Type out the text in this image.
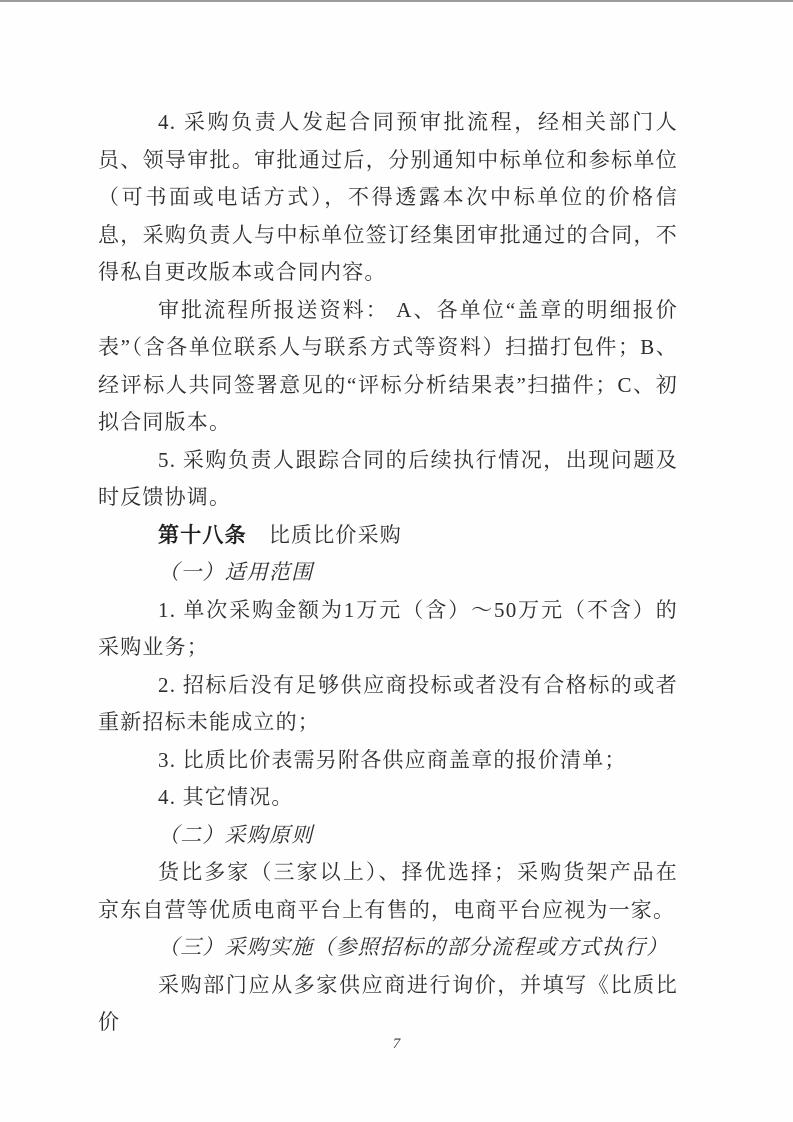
4. 采购负责人发起合同预审批流程，经相关部门人员、领导审批。审批通过后，分别通知中标单位和参标单位（可书面或电话方式），不得透露本次中标单位的价格信息，采购负责人与中标单位签订经集团审批通过的合同，不得私自更改版本或合同内容。

审批流程所报送资料： A、各单位“盖章的明细报价表”（含各单位联系人与联系方式等资料）扫描打包件；B、经评标人共同签署意见的“评标分析结果表”扫描件；C、初拟合同版本。

5. 采购负责人跟踪合同的后续执行情况，出现问题及时反馈协调。

第十八条 比质比价采购

（一）适用范围

1. 单次采购金额为1万元（含）～50万元（不含）的采购业务；

2. 招标后没有足够供应商投标或者没有合格标的或者重新招标未能成立的；

3. 比质比价表需另附各供应商盖章的报价清单；

4. 其它情况。

（二）采购原则

货比多家（三家以上）、择优选择；采购货架产品在京东自营等优质电商平台上有售的，电商平台应视为一家。

（三）采购实施（参照招标的部分流程或方式执行）

采购部门应从多家供应商进行询价，并填写《比质比价

7
